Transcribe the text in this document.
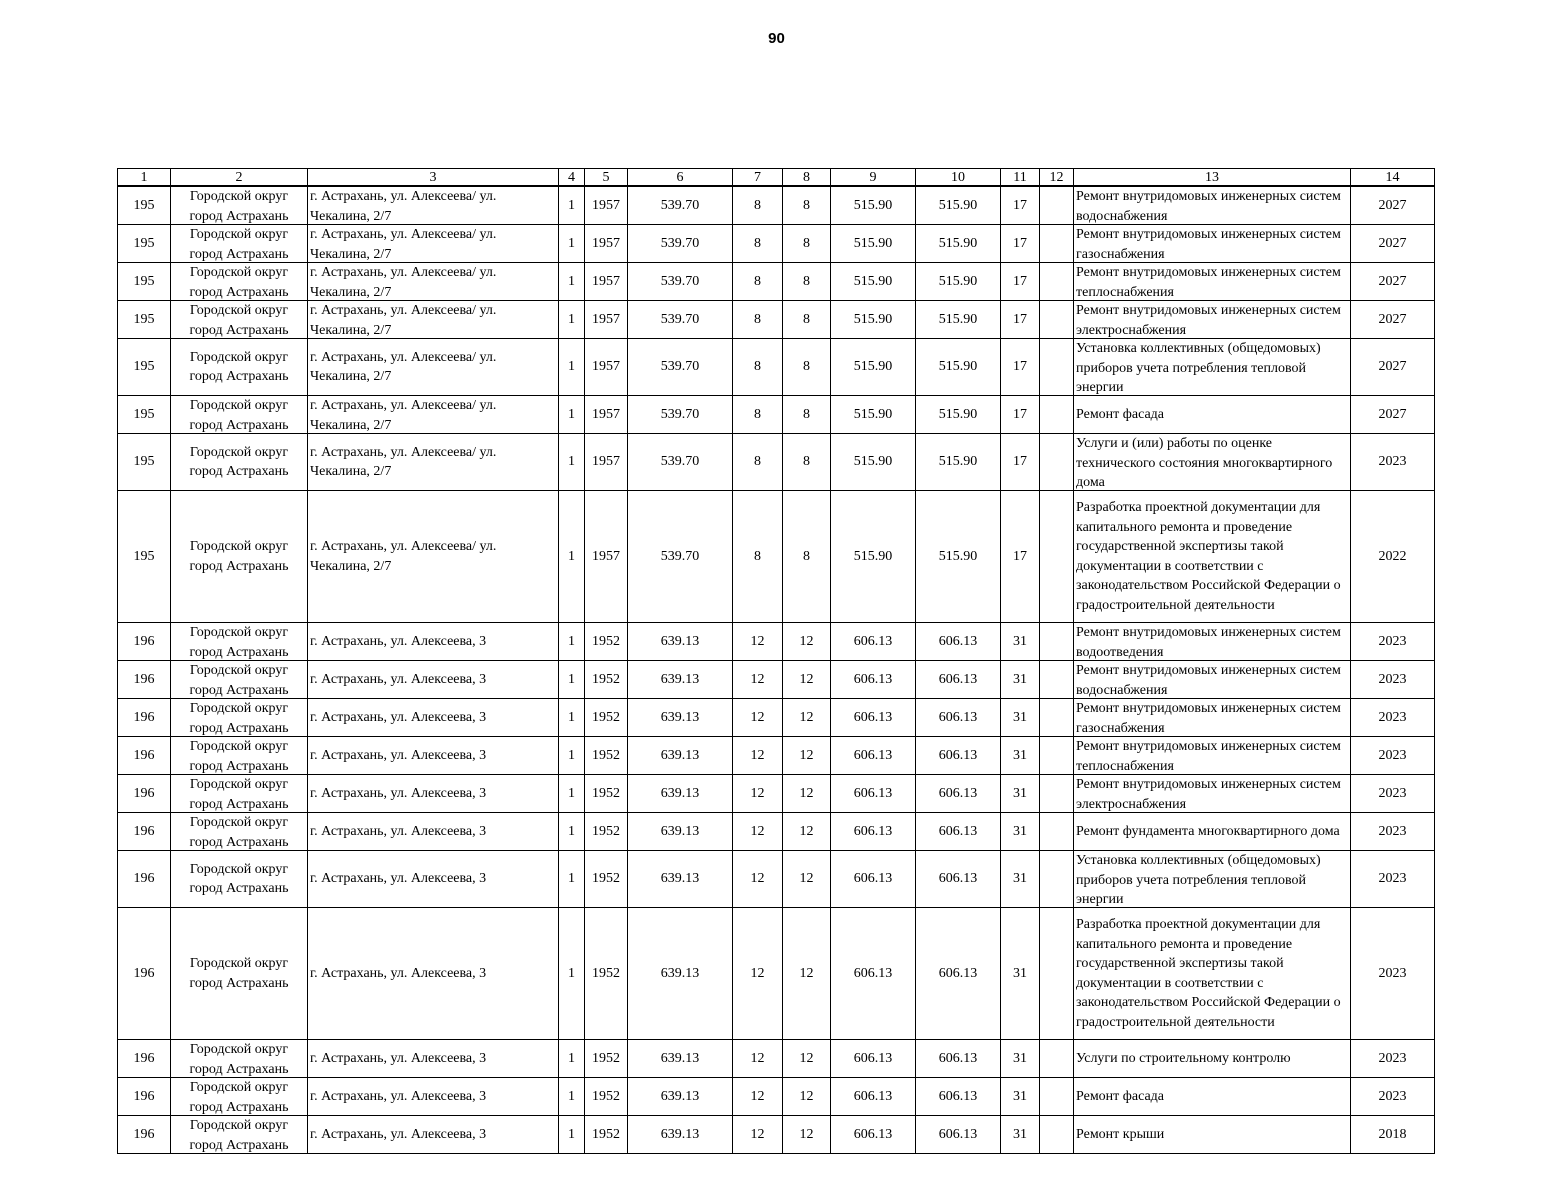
90
1	2	3	4	5	6	7	8	9	10	11	12	13	14

195	Городской округ город Астрахань	г. Астрахань, ул. Алексеева/ ул. Чекалина, 2/7	1	1957	539.70	8	8	515.90	515.90	17		Ремонт внутридомовых инженерных систем водоснабжения	2027

195	Городской округ город Астрахань	г. Астрахань, ул. Алексеева/ ул. Чекалина, 2/7	1	1957	539.70	8	8	515.90	515.90	17		Ремонт внутридомовых инженерных систем газоснабжения	2027

195	Городской округ город Астрахань	г. Астрахань, ул. Алексеева/ ул. Чекалина, 2/7	1	1957	539.70	8	8	515.90	515.90	17		Ремонт внутридомовых инженерных систем теплоснабжения	2027

195	Городской округ город Астрахань	г. Астрахань, ул. Алексеева/ ул. Чекалина, 2/7	1	1957	539.70	8	8	515.90	515.90	17		Ремонт внутридомовых инженерных систем электроснабжения	2027

195	Городской округ город Астрахань	г. Астрахань, ул. Алексеева/ ул. Чекалина, 2/7	1	1957	539.70	8	8	515.90	515.90	17		Установка коллективных (общедомовых) приборов учета потребления тепловой энергии	2027

195	Городской округ город Астрахань	г. Астрахань, ул. Алексеева/ ул. Чекалина, 2/7	1	1957	539.70	8	8	515.90	515.90	17		Ремонт фасада	2027

195	Городской округ город Астрахань	г. Астрахань, ул. Алексеева/ ул. Чекалина, 2/7	1	1957	539.70	8	8	515.90	515.90	17		Услуги и (или) работы по оценке технического состояния многоквартирного дома	2023

195	Городской округ город Астрахань	г. Астрахань, ул. Алексеева/ ул. Чекалина, 2/7	1	1957	539.70	8	8	515.90	515.90	17		Разработка проектной документации для капитального ремонта и проведение государственной экспертизы такой документации в соответствии с законодательством Российской Федерации о градостроительной деятельности	2022

196	Городской округ город Астрахань	г. Астрахань, ул. Алексеева, 3	1	1952	639.13	12	12	606.13	606.13	31		Ремонт внутридомовых инженерных систем водоотведения	2023

196	Городской округ город Астрахань	г. Астрахань, ул. Алексеева, 3	1	1952	639.13	12	12	606.13	606.13	31		Ремонт внутридомовых инженерных систем водоснабжения	2023

196	Городской округ город Астрахань	г. Астрахань, ул. Алексеева, 3	1	1952	639.13	12	12	606.13	606.13	31		Ремонт внутридомовых инженерных систем газоснабжения	2023

196	Городской округ город Астрахань	г. Астрахань, ул. Алексеева, 3	1	1952	639.13	12	12	606.13	606.13	31		Ремонт внутридомовых инженерных систем теплоснабжения	2023

196	Городской округ город Астрахань	г. Астрахань, ул. Алексеева, 3	1	1952	639.13	12	12	606.13	606.13	31		Ремонт внутридомовых инженерных систем электроснабжения	2023

196	Городской округ город Астрахань	г. Астрахань, ул. Алексеева, 3	1	1952	639.13	12	12	606.13	606.13	31		Ремонт фундамента многоквартирного дома	2023

196	Городской округ город Астрахань	г. Астрахань, ул. Алексеева, 3	1	1952	639.13	12	12	606.13	606.13	31		Установка коллективных (общедомовых) приборов учета потребления тепловой энергии	2023

196	Городской округ город Астрахань	г. Астрахань, ул. Алексеева, 3	1	1952	639.13	12	12	606.13	606.13	31		Разработка проектной документации для капитального ремонта и проведение государственной экспертизы такой документации в соответствии с законодательством Российской Федерации о градостроительной деятельности	2023

196	Городской округ город Астрахань	г. Астрахань, ул. Алексеева, 3	1	1952	639.13	12	12	606.13	606.13	31		Услуги по строительному контролю	2023

196	Городской округ город Астрахань	г. Астрахань, ул. Алексеева, 3	1	1952	639.13	12	12	606.13	606.13	31		Ремонт фасада	2023

196	Городской округ город Астрахань	г. Астрахань, ул. Алексеева, 3	1	1952	639.13	12	12	606.13	606.13	31		Ремонт крыши	2018
